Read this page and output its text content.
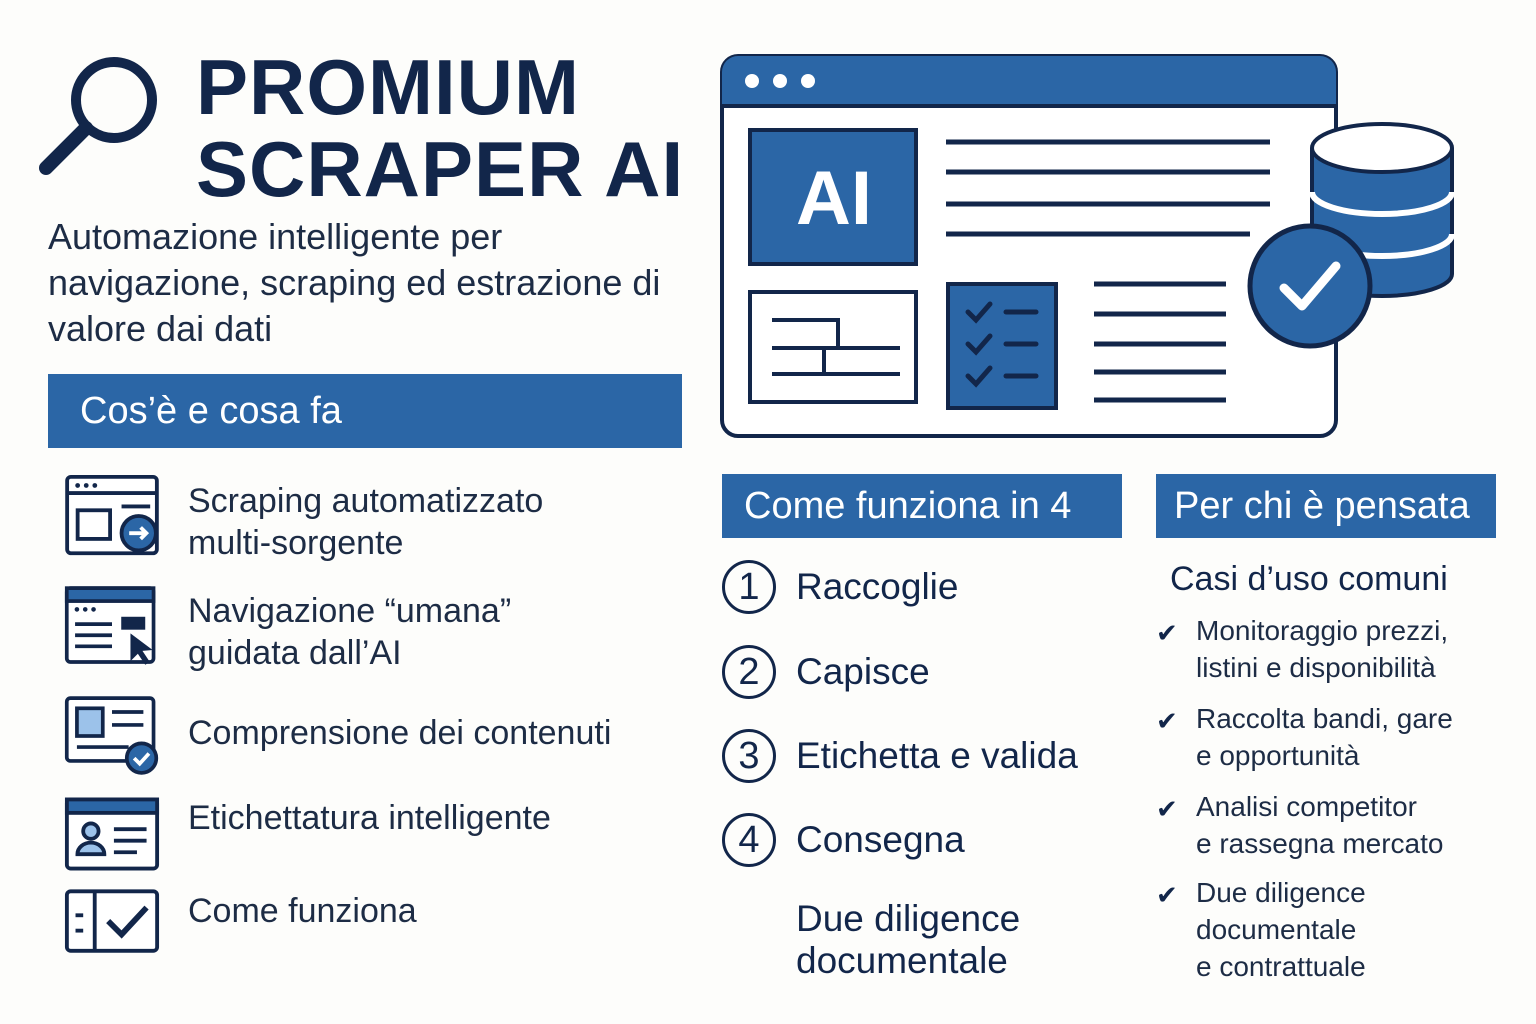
PROMIUM
SCRAPER AI
Automazione intelligente per navigazione, scraping ed estrazione di valore dai dati
AI
Cos’è e cosa fa
Scraping automatizzato
multi-sorgente
Navigazione “umana”
guidata dall’AI
Comprensione dei contenuti
Etichettatura intelligente
Come funziona
Come funziona in 4
1 Raccoglie
2 Capisce
3 Etichetta e valida
4 Consegna
Due diligence
documentale
Per chi è pensata
Casi d’uso comuni
✔ Monitoraggio prezzi,
listini e disponibilità
✔ Raccolta bandi, gare
e opportunità
✔ Analisi competitor
e rassegna mercato
✔ Due diligence
documentale
e contrattuale
